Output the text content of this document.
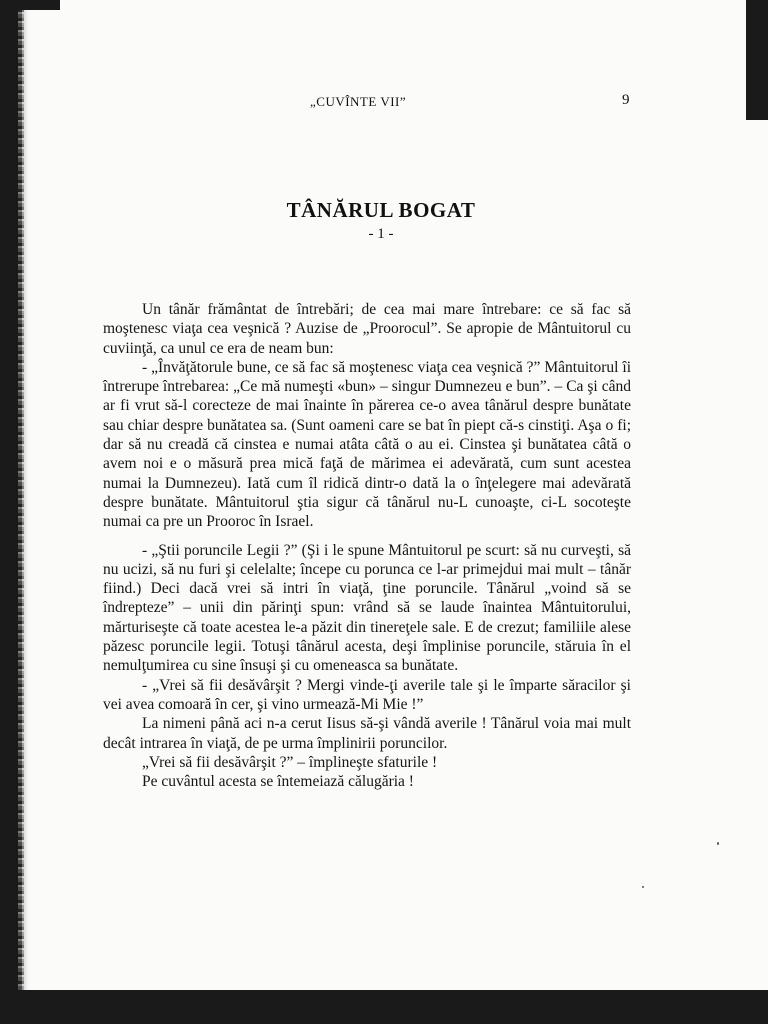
„CUVÎNTE VII”	9
TÂNĂRUL BOGAT
- 1 -

Un tânăr frământat de întrebări; de cea mai mare întrebare: ce să fac să moştenesc viaţa cea veşnică ? Auzise de „Proorocul”. Se apropie de Mântuitorul cu cuviinţă, ca unul ce era de neam bun:

- „Învăţătorule bune, ce să fac să moştenesc viaţa cea veşnică ?” Mântuitorul îi întrerupe întrebarea: „Ce mă numeşti «bun» – singur Dumnezeu e bun”. – Ca şi când ar fi vrut să-l corecteze de mai înainte în părerea ce-o avea tânărul despre bunătate sau chiar despre bunătatea sa. (Sunt oameni care se bat în piept că-s cinstiţi. Aşa o fi; dar să nu creadă că cinstea e numai atâta câtă o au ei. Cinstea şi bunătatea câtă o avem noi e o măsură prea mică faţă de mărimea ei adevărată, cum sunt acestea numai la Dumnezeu). Iată cum îl ridică dintr-o dată la o înţelegere mai adevărată despre bunătate. Mântuitorul ştia sigur că tânărul nu-L cunoaşte, ci-L socoteşte numai ca pre un Prooroc în Israel.

- „Ştii poruncile Legii ?” (Şi i le spune Mântuitorul pe scurt: să nu curveşti, să nu ucizi, să nu furi şi celelalte; începe cu porunca ce l-ar primejdui mai mult – tânăr fiind.) Deci dacă vrei să intri în viaţă, ţine poruncile. Tânărul „voind să se îndrepteze” – unii din părinţi spun: vrând să se laude înaintea Mântuitorului, mărturiseşte că toate acestea le-a păzit din tinereţele sale. E de crezut; familiile alese păzesc poruncile legii. Totuşi tânărul acesta, deşi împlinise poruncile, stăruia în el nemulţumirea cu sine însuşi şi cu omeneasca sa bunătate.

- „Vrei să fii desăvârşit ? Mergi vinde-ţi averile tale şi le împarte săracilor şi vei avea comoară în cer, şi vino urmează-Mi Mie !”

La nimeni până aci n-a cerut Iisus să-şi vândă averile ! Tânărul voia mai mult decât intrarea în viaţă, de pe urma împlinirii poruncilor.

„Vrei să fii desăvârşit ?” – împlineşte sfaturile !

Pe cuvântul acesta se întemeiază călugăria !
